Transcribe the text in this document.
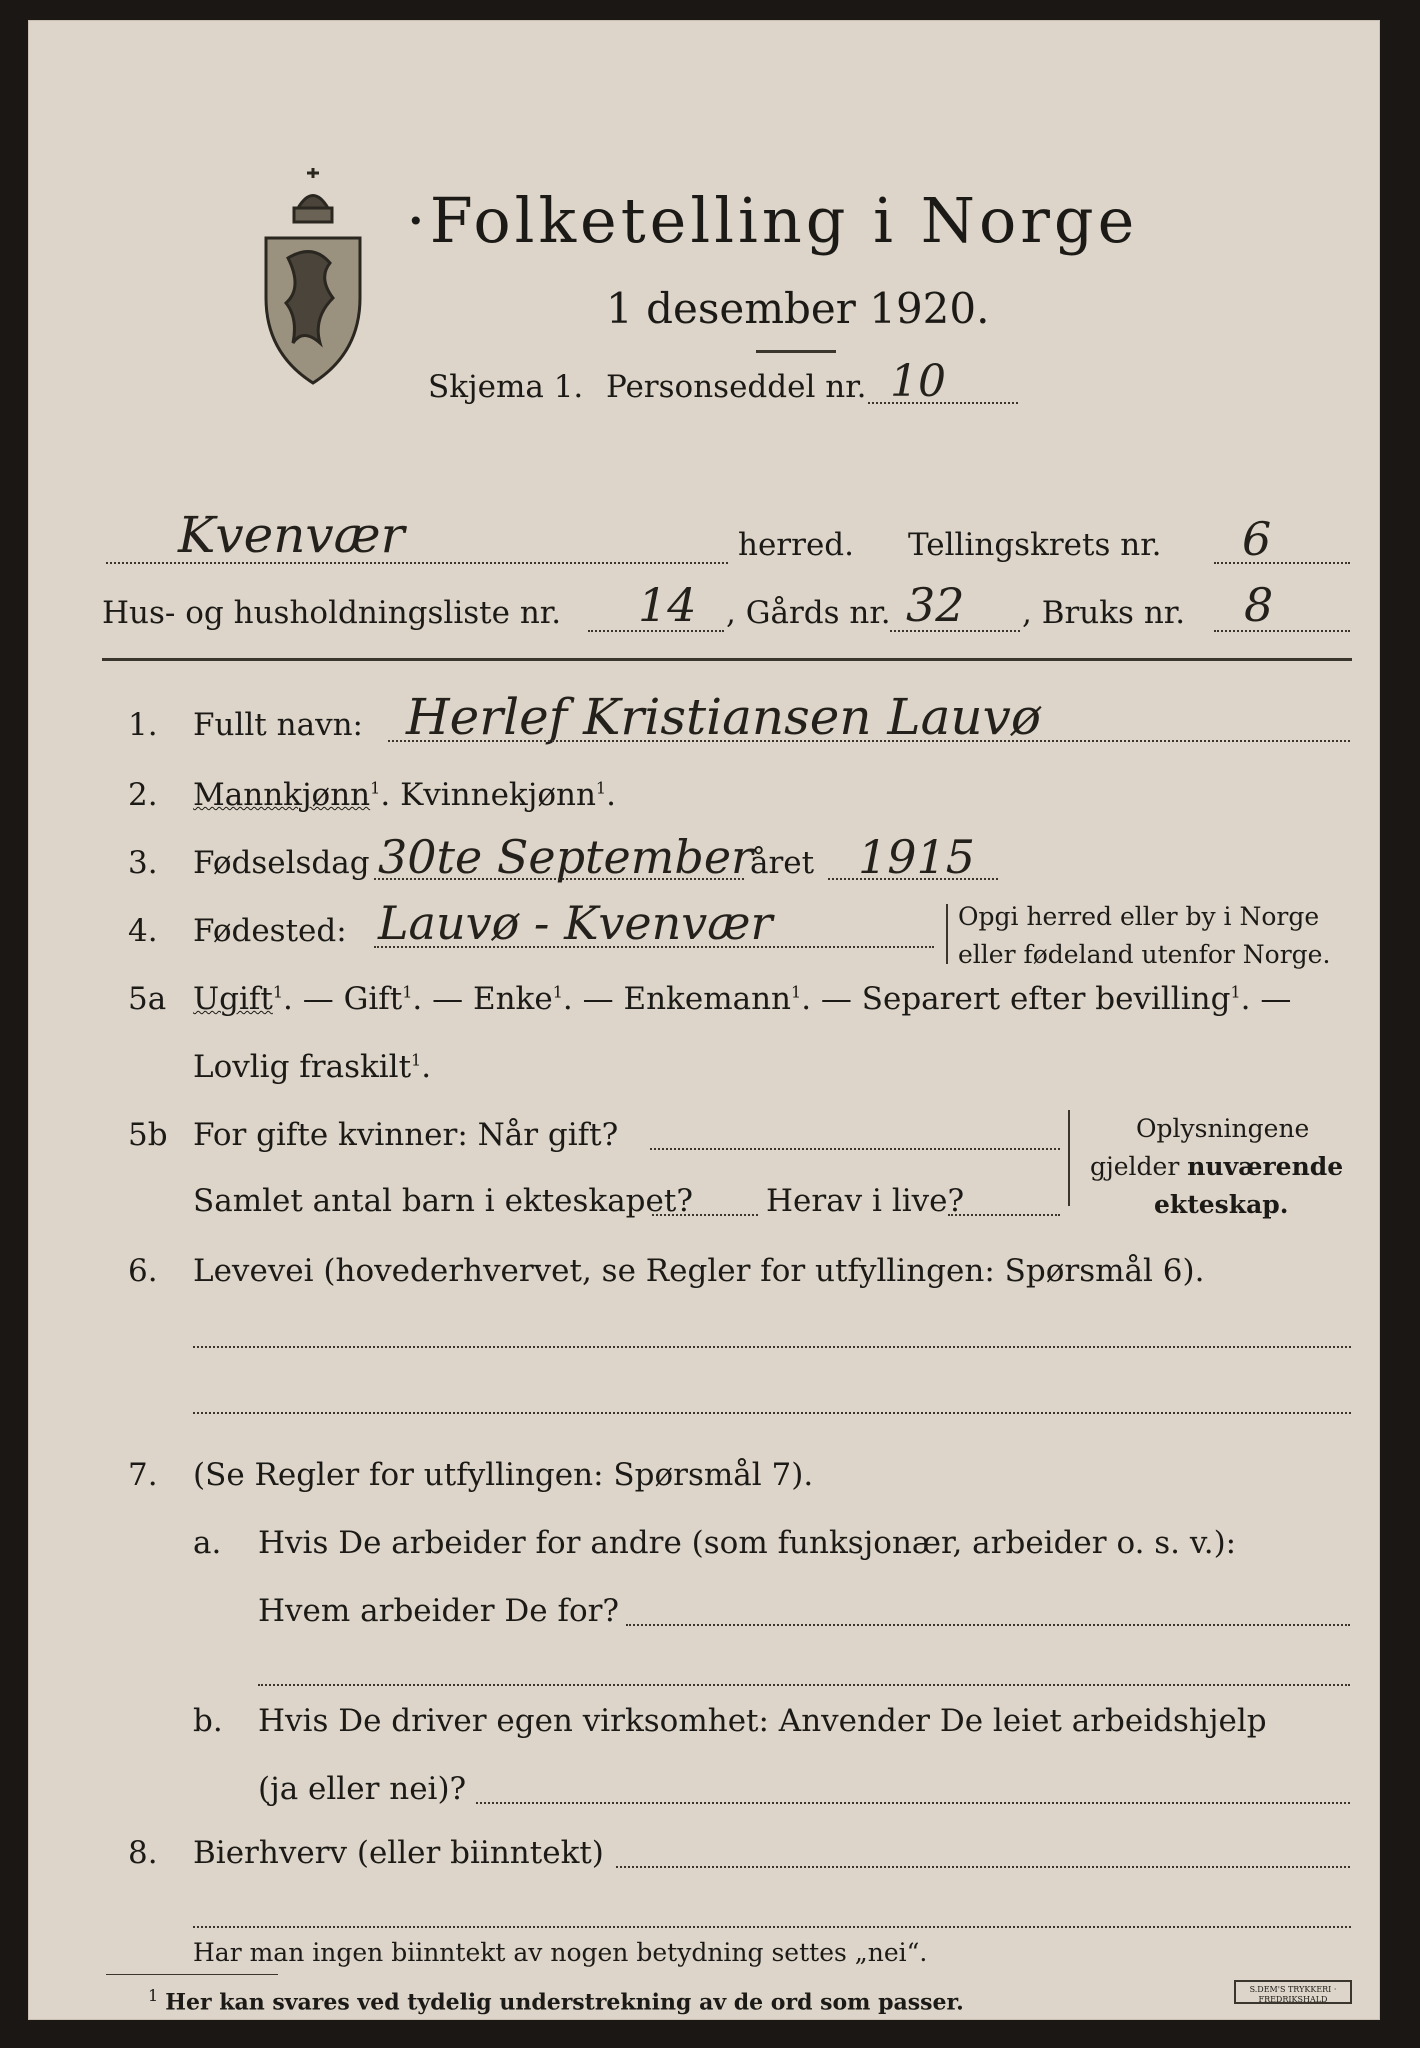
·Folketelling i Norge
1 desember 1920.
Skjema 1. Personseddel nr. 10
Kvenvær	herred. Tellingskrets nr. 6
Hus- og husholdningsliste nr. 14 , Gårds nr. 32 , Bruks nr. 8
1. Fullt navn: Herlef Kristiansen Lauvø
2. Mannkjønn$^1$. Kvinnekjønn$^1$.
3. Fødselsdag 30te September
året 1915
4. Fødested: Lauvø - Kvenvær	Opgi herred eller by i Norge
eller fødeland utenfor Norge.
5a Ugift$^1$. — Gift$^1$. — Enke$^1$. — Enkemann$^1$. — Separert efter bevilling$^1$. —
Lovlig fraskilt$^1$.
5b For gifte kvinner: Når gift?
Samlet antal barn i ekteskapet? Herav i live?
Oplysningene
gjelder nuværende
ekteskap.
6. Levevei (hovederhvervet, se Regler for utfyllingen: Spørsmål 6).
7. (Se Regler for utfyllingen: Spørsmål 7).
a. Hvis De arbeider for andre (som funksjonær, arbeider o. s. v.):
Hvem arbeider De for?
b. Hvis De driver egen virksomhet: Anvender De leiet arbeidshjelp
(ja eller nei)?
8. Bierhverv (eller biinntekt)
Har man ingen biinntekt av nogen betydning settes „nei“.
$^1$ Her kan svares ved tydelig understrekning av de ord som passer.	S.DEM'S TRYKKERI · FREDRIKSHALD
